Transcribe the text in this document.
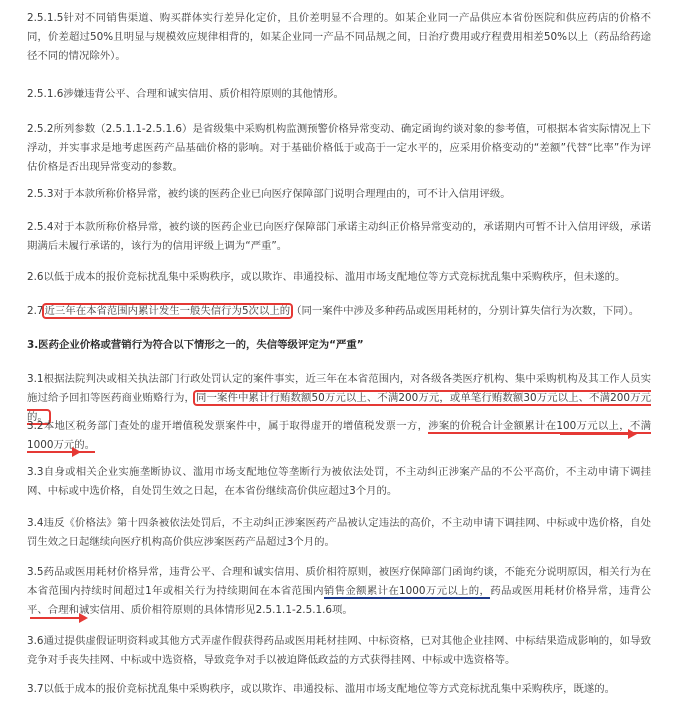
2.5.1.5针对不同销售渠道、购买群体实行差异化定价，且价差明显不合理的。如某企业同一产品供应本省份医院和供应药店的价格不同，价差超过50%且明显与规模效应规律相背的，如某企业同一产品不同品规之间，日治疗费用或疗程费用相差50%以上（药品给药途径不同的情况除外）。

2.5.1.6涉嫌违背公平、合理和诚实信用、质价相符原则的其他情形。

2.5.2所列参数（2.5.1.1-2.5.1.6）是省级集中采购机构监测预警价格异常变动、确定函询约谈对象的参考值，可根据本省实际情况上下浮动，并实事求是地考虑医药产品基础价格的影响。对于基础价格低于或高于一定水平的，应采用价格变动的“差额”代替“比率”作为评估价格是否出现异常变动的参数。

2.5.3对于本款所称价格异常，被约谈的医药企业已向医疗保障部门说明合理理由的，可不计入信用评级。

2.5.4对于本款所称价格异常，被约谈的医药企业已向医疗保障部门承诺主动纠正价格异常变动的，承诺期内可暂不计入信用评级，承诺期满后未履行承诺的，该行为的信用评级上调为“严重”。

2.6以低于成本的报价竞标扰乱集中采购秩序，或以欺诈、串通投标、滥用市场支配地位等方式竞标扰乱集中采购秩序，但未遂的。

2.7近三年在本省范围内累计发生一般失信行为5次以上的（同一案件中涉及多种药品或医用耗材的，分别计算失信行为次数，下同）。

3.医药企业价格或营销行为符合以下情形之一的，失信等级评定为“严重”

3.1根据法院判决或相关执法部门行政处罚认定的案件事实，近三年在本省范围内，对各级各类医疗机构、集中采购机构及其工作人员实施过给予回扣等医药商业贿赂行为，同一案件中累计行贿数额50万元以上、不满200万元，或单笔行贿数额30万元以上、不满200万元的。

3.2本地区税务部门查处的虚开增值税发票案件中，属于取得虚开的增值税发票一方，涉案的价税合计金额累计在100万元以上，不满1000万元的。

3.3自身或相关企业实施垄断协议、滥用市场支配地位等垄断行为被依法处罚，不主动纠正涉案产品的不公平高价，不主动申请下调挂网、中标或中选价格，自处罚生效之日起，在本省份继续高价供应超过3个月的。

3.4违反《价格法》第十四条被依法处罚后，不主动纠正涉案医药产品被认定违法的高价，不主动申请下调挂网、中标或中选价格，自处罚生效之日起继续向医疗机构高价供应涉案医药产品超过3个月的。

3.5药品或医用耗材价格异常，违背公平、合理和诚实信用、质价相符原则，被医疗保障部门函询约谈，不能充分说明原因，相关行为在本省范围内持续时间超过1年或相关行为持续期间在本省范围内销售金额累计在1000万元以上的，药品或医用耗材价格异常，违背公平、合理和诚实信用、质价相符原则的具体情形见2.5.1.1-2.5.1.6项。

3.6通过提供虚假证明资料或其他方式弄虚作假获得药品或医用耗材挂网、中标资格，已对其他企业挂网、中标结果造成影响的，如导致竞争对手丧失挂网、中标或中选资格，导致竞争对手以被迫降低政益的方式获得挂网、中标或中选资格等。

3.7以低于成本的报价竞标扰乱集中采购秩序，或以欺诈、串通投标、滥用市场支配地位等方式竞标扰乱集中采购秩序，既遂的。
